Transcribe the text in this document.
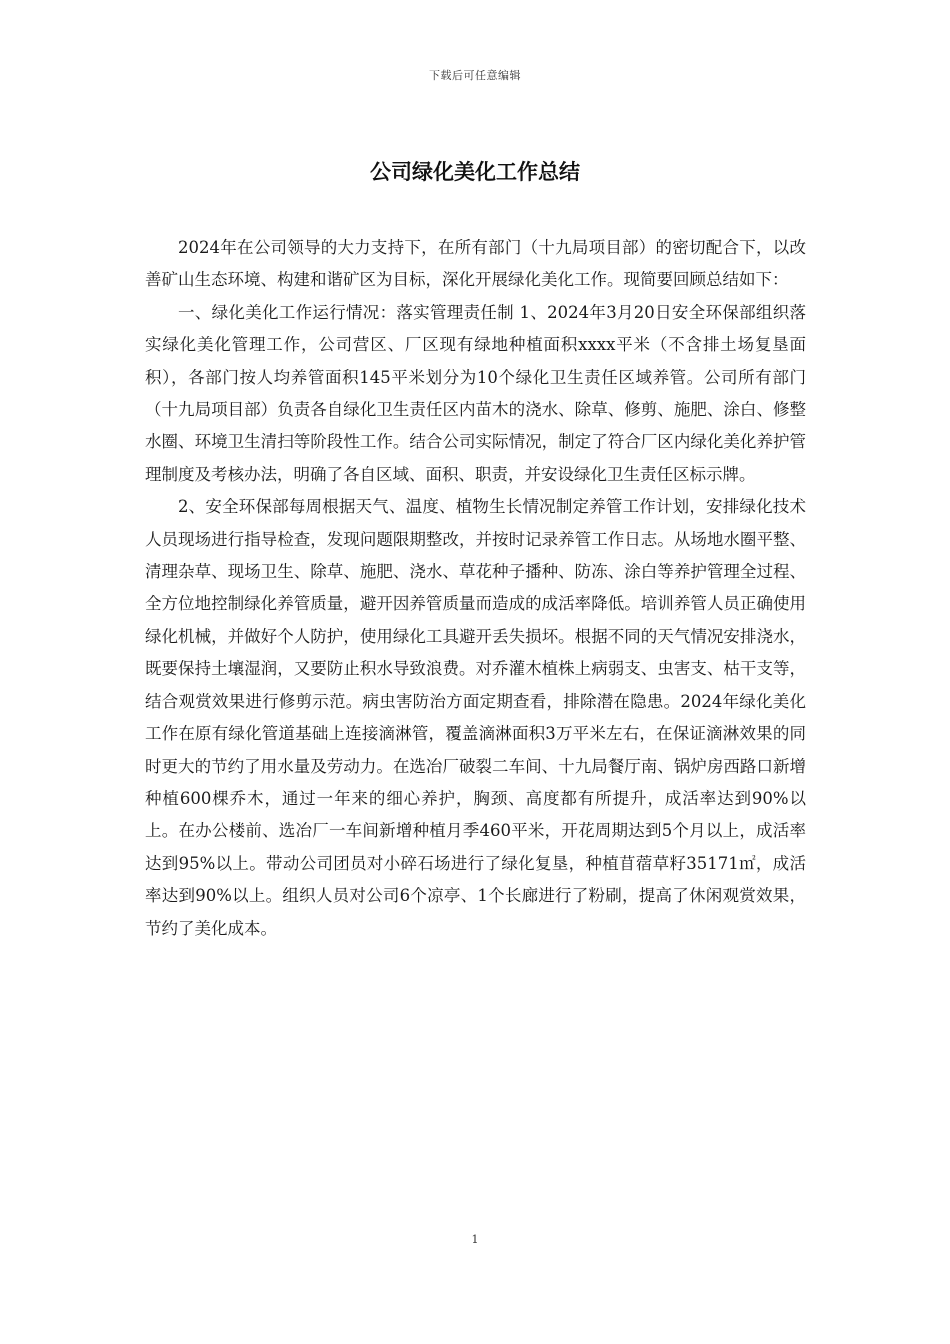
下载后可任意编辑
公司绿化美化工作总结

2024年在公司领导的大力支持下，在所有部门（十九局项目部）的密切配合下，以改善矿山生态环境、构建和谐矿区为目标，深化开展绿化美化工作。现简要回顾总结如下：

一、绿化美化工作运行情况：落实管理责任制 1、2024年3月20日安全环保部组织落实绿化美化管理工作，公司营区、厂区现有绿地种植面积xxxx平米（不含排土场复垦面积），各部门按人均养管面积145平米划分为10个绿化卫生责任区域养管。公司所有部门（十九局项目部）负责各自绿化卫生责任区内苗木的浇水、除草、修剪、施肥、涂白、修整水圈、环境卫生清扫等阶段性工作。结合公司实际情况，制定了符合厂区内绿化美化养护管理制度及考核办法，明确了各自区域、面积、职责，并安设绿化卫生责任区标示牌。

2、安全环保部每周根据天气、温度、植物生长情况制定养管工作计划，安排绿化技术人员现场进行指导检查，发现问题限期整改，并按时记录养管工作日志。从场地水圈平整、清理杂草、现场卫生、除草、施肥、浇水、草花种子播种、防冻、涂白等养护管理全过程、全方位地控制绿化养管质量，避开因养管质量而造成的成活率降低。培训养管人员正确使用绿化机械，并做好个人防护，使用绿化工具避开丢失损坏。根据不同的天气情况安排浇水，既要保持土壤湿润，又要防止积水导致浪费。对乔灌木植株上病弱支、虫害支、枯干支等，结合观赏效果进行修剪示范。病虫害防治方面定期查看，排除潜在隐患。2024年绿化美化工作在原有绿化管道基础上连接滴淋管，覆盖滴淋面积3万平米左右，在保证滴淋效果的同时更大的节约了用水量及劳动力。在选冶厂破裂二车间、十九局餐厅南、锅炉房西路口新增种植600棵乔木，通过一年来的细心养护，胸颈、高度都有所提升，成活率达到90%以上。在办公楼前、选冶厂一车间新增种植月季460平米，开花周期达到5个月以上，成活率达到95%以上。带动公司团员对小碎石场进行了绿化复垦，种植苜蓿草籽35171㎡，成活率达到90%以上。组织人员对公司6个凉亭、1个长廊进行了粉刷，提高了休闲观赏效果，节约了美化成本。

1
